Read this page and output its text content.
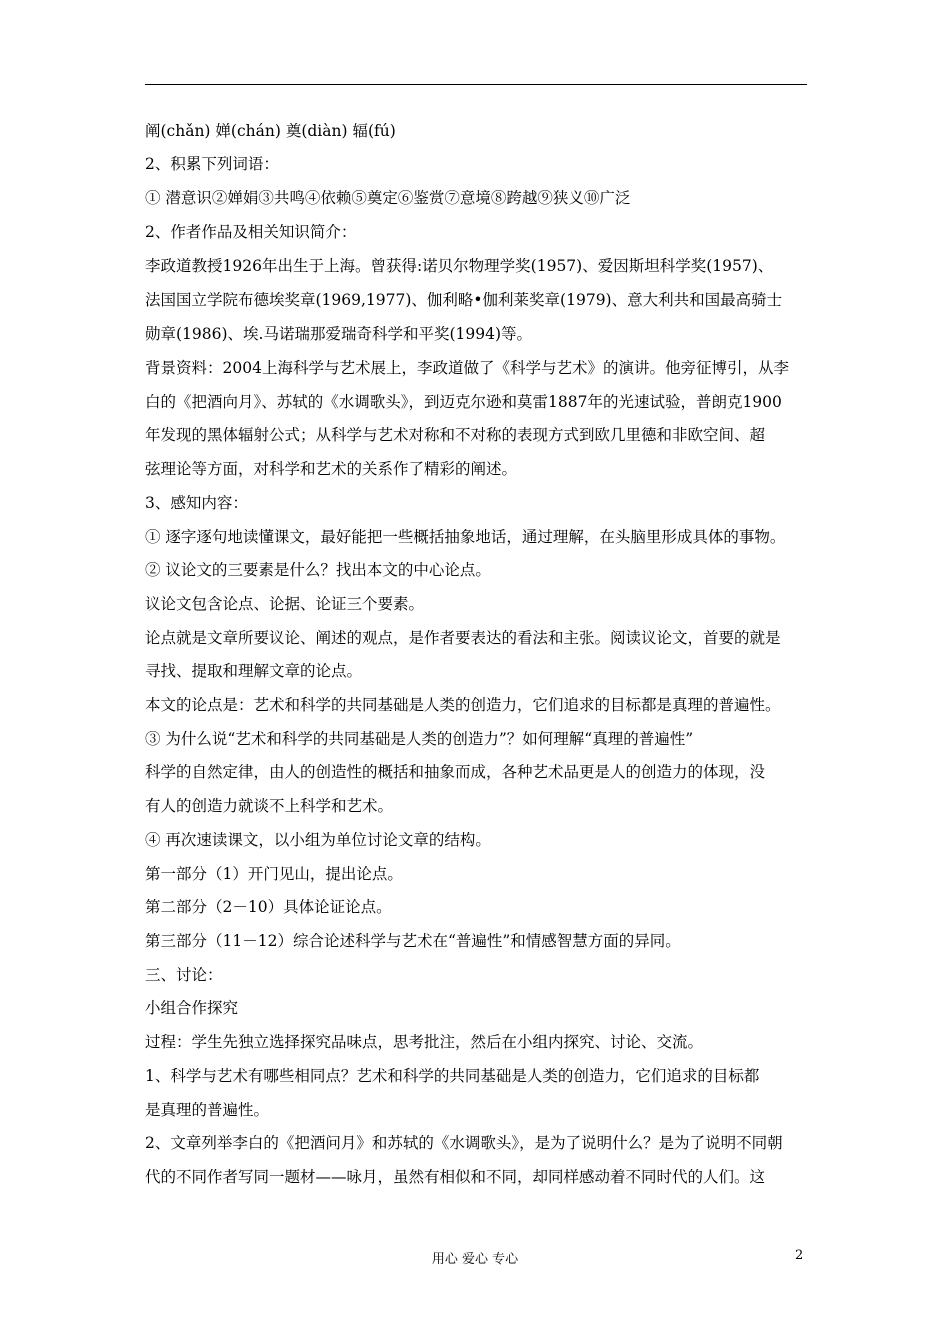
阐(chǎn) 婵(chán) 奠(diàn) 辐(fú)
2、积累下列词语：
① 潜意识②婵娟③共鸣④依赖⑤奠定⑥鉴赏⑦意境⑧跨越⑨狭义⑩广泛
2、作者作品及相关知识简介：
李政道教授1926年出生于上海。曾获得:诺贝尔物理学奖(1957)、爱因斯坦科学奖(1957)、
法国国立学院布德埃奖章(1969,1977)、伽利略•伽利莱奖章(1979)、意大利共和国最高骑士
勋章(1986)、埃.马诺瑞那爱瑞奇科学和平奖(1994)等。
背景资料：2004上海科学与艺术展上，李政道做了《科学与艺术》的演讲。他旁征博引，从李
白的《把酒向月》、苏轼的《水调歌头》，到迈克尔逊和莫雷1887年的光速试验，普朗克1900
年发现的黑体辐射公式；从科学与艺术对称和不对称的表现方式到欧几里德和非欧空间、超
弦理论等方面，对科学和艺术的关系作了精彩的阐述。
3、感知内容：
① 逐字逐句地读懂课文，最好能把一些概括抽象地话，通过理解，在头脑里形成具体的事物。
② 议论文的三要素是什么？找出本文的中心论点。
议论文包含论点、论据、论证三个要素。
论点就是文章所要议论、阐述的观点，是作者要表达的看法和主张。阅读议论文，首要的就是
寻找、提取和理解文章的论点。
本文的论点是：艺术和科学的共同基础是人类的创造力，它们追求的目标都是真理的普遍性。
③ 为什么说“艺术和科学的共同基础是人类的创造力”？如何理解“真理的普遍性”
科学的自然定律，由人的创造性的概括和抽象而成，各种艺术品更是人的创造力的体现，没
有人的创造力就谈不上科学和艺术。
④ 再次速读课文，以小组为单位讨论文章的结构。
第一部分（1）开门见山，提出论点。
第二部分（2－10）具体论证论点。
第三部分（11－12）综合论述科学与艺术在“普遍性”和情感智慧方面的异同。
三、讨论：
小组合作探究
过程：学生先独立选择探究品味点，思考批注，然后在小组内探究、讨论、交流。
1、科学与艺术有哪些相同点？艺术和科学的共同基础是人类的创造力，它们追求的目标都
是真理的普遍性。
2、文章列举李白的《把酒问月》和苏轼的《水调歌头》，是为了说明什么？是为了说明不同朝
代的不同作者写同一题材——咏月，虽然有相似和不同，却同样感动着不同时代的人们。这
用心 爱心 专心	2
